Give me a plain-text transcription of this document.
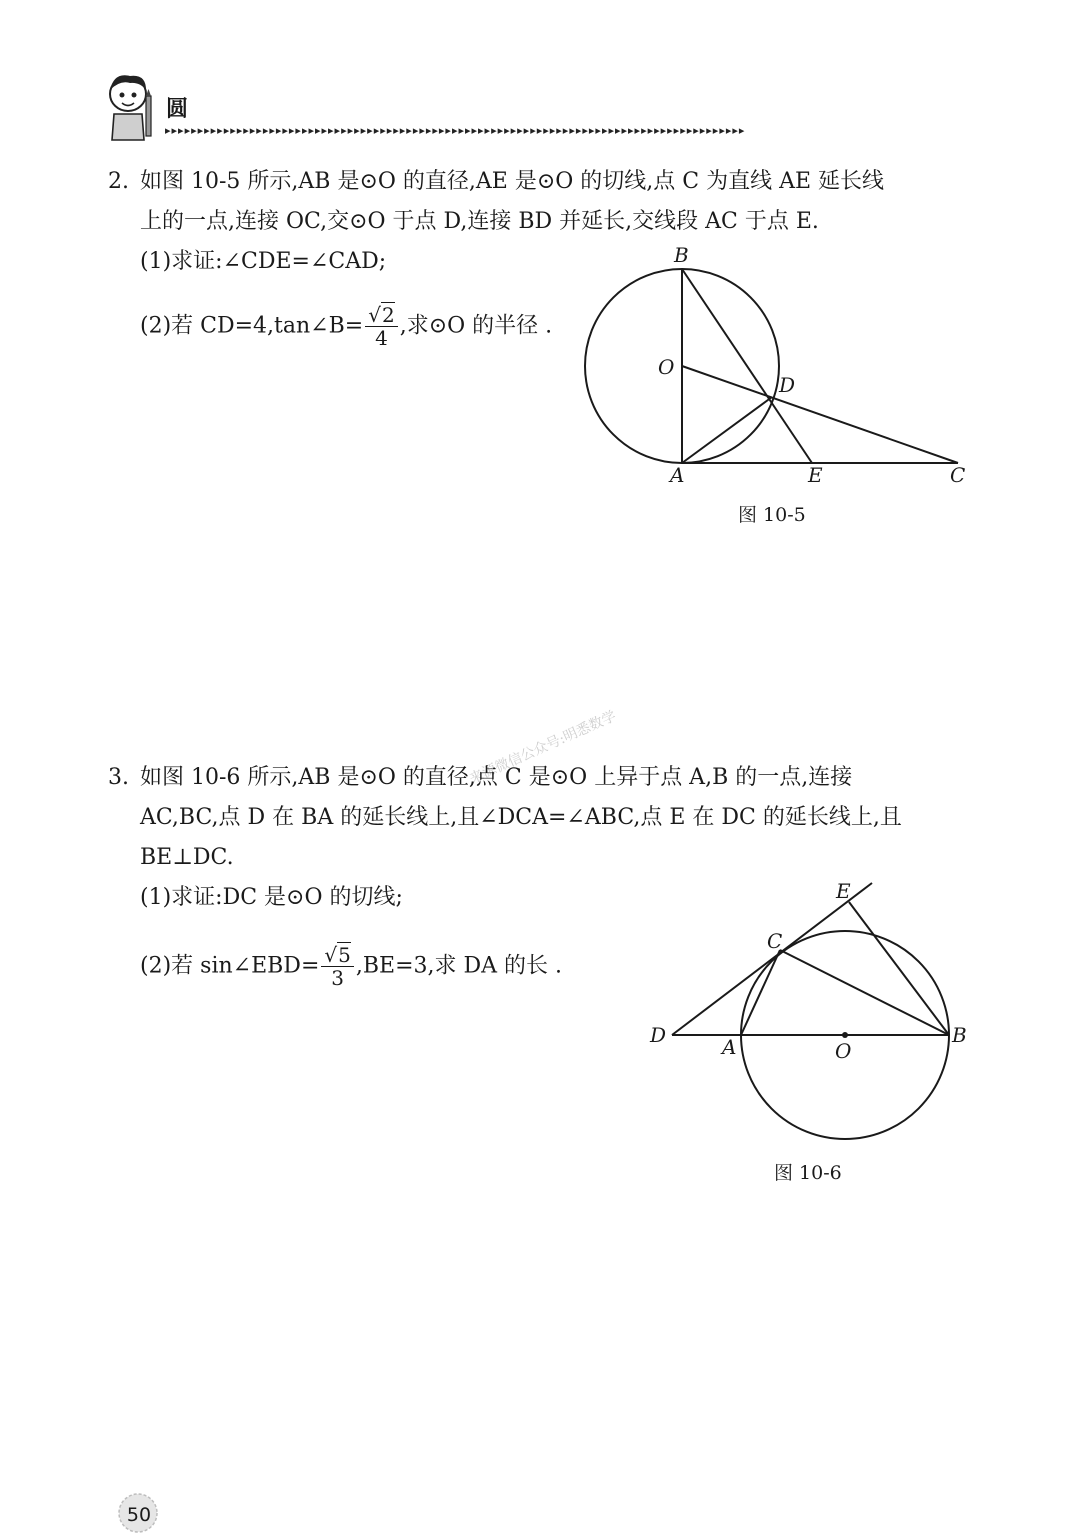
圆
▸▸▸▸▸▸▸▸▸▸▸▸▸▸▸▸▸▸▸▸▸▸▸▸▸▸▸▸▸▸▸▸▸▸▸▸▸▸▸▸▸▸▸▸▸▸▸▸▸▸▸▸▸▸▸▸▸▸▸▸▸▸▸▸▸▸▸▸▸▸▸▸▸▸▸▸▸▸▸▸▸▸▸▸▸▸▸▸▸
2. 如图 10-5 所示,AB 是⊙O 的直径,AE 是⊙O 的切线,点 C 为直线 AE 延长线
上的一点,连接 OC,交⊙O 于点 D,连接 BD 并延长,交线段 AC 于点 E.
(1)求证:∠CDE=∠CAD;
(2)若 CD=4,tan∠B= $\frac{√2}{4}$ ,求⊙O 的半径 .
B
O
D
A	E	C
图 10-5
来源微信公众号:明悉数学
3. 如图 10-6 所示,AB 是⊙O 的直径,点 C 是⊙O 上异于点 A,B 的一点,连接
AC,BC,点 D 在 BA 的延长线上,且∠DCA=∠ABC,点 E 在 DC 的延长线上,且
BE⊥DC.
(1)求证:DC 是⊙O 的切线;
(2)若 sin∠EBD= $\frac{√5}{3} ,BE=3$,求 DA 的长 .
E
C
D	A	O
B
图 10-6
50
